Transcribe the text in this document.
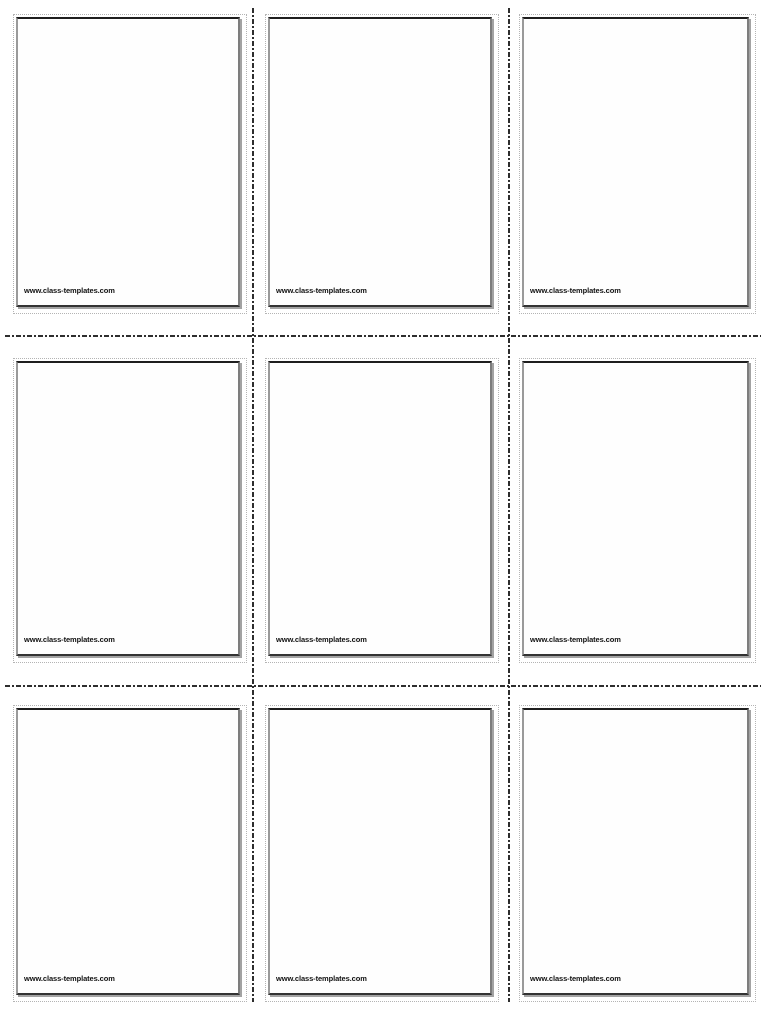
www.class-templates.com	www.class-templates.com	www.class-templates.com
www.class-templates.com	www.class-templates.com	www.class-templates.com
www.class-templates.com	www.class-templates.com	www.class-templates.com
